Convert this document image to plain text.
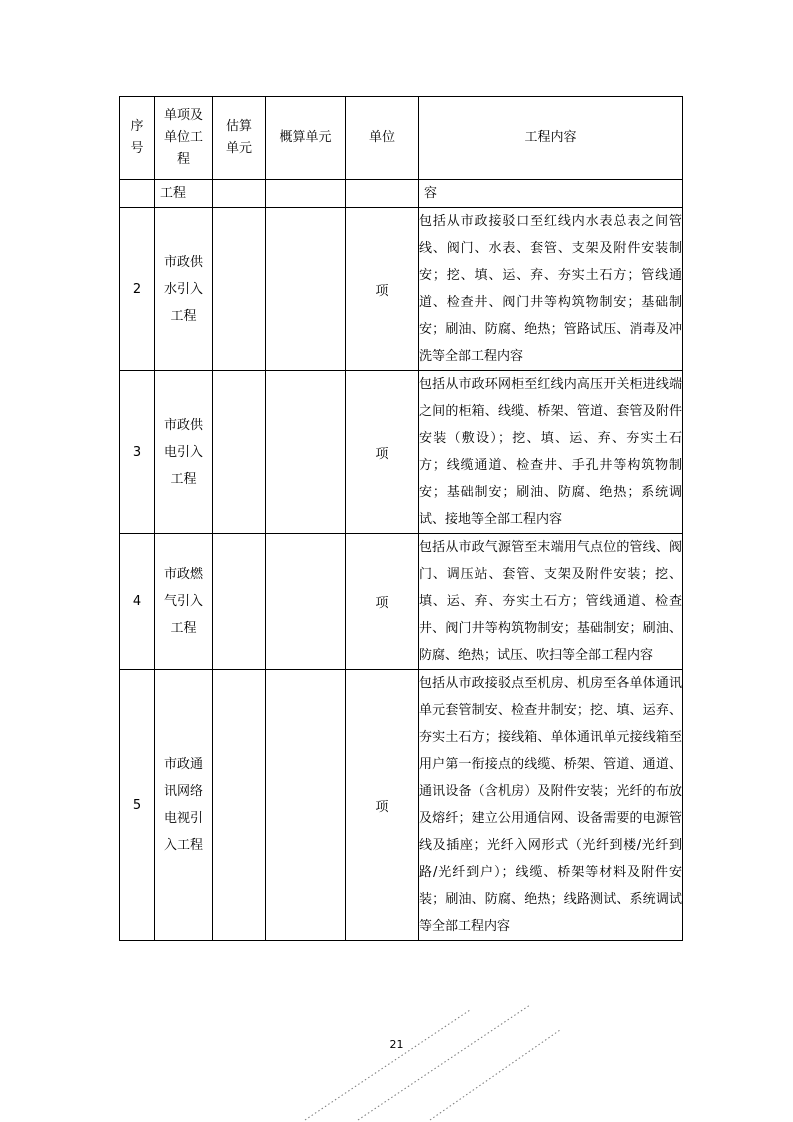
序号	单项及单位工程	估算单元	概算单元	单位	工程内容
	工程				容
2	市政供水引入工程			项	包括从市政接驳口至红线内水表总表之间管线、阀门、水表、套管、支架及附件安装制安；挖、填、运、弃、夯实土石方；管线通道、检查井、阀门井等构筑物制安；基础制安；刷油、防腐、绝热；管路试压、消毒及冲洗等全部工程内容
3	市政供电引入工程			项	包括从市政环网柜至红线内高压开关柜进线端之间的柜箱、线缆、桥架、管道、套管及附件安装（敷设）；挖、填、运、弃、夯实土石方；线缆通道、检查井、手孔井等构筑物制安；基础制安；刷油、防腐、绝热；系统调试、接地等全部工程内容
4	市政燃气引入工程			项	包括从市政气源管至末端用气点位的管线、阀门、调压站、套管、支架及附件安装；挖、填、运、弃、夯实土石方；管线通道、检查井、阀门井等构筑物制安；基础制安；刷油、防腐、绝热；试压、吹扫等全部工程内容
5	市政通讯网络电视引入工程			项	包括从市政接驳点至机房、机房至各单体通讯单元套管制安、检查井制安；挖、填、运弃、夯实土石方；接线箱、单体通讯单元接线箱至用户第一衔接点的线缆、桥架、管道、通道、通讯设备（含机房）及附件安装；光纤的布放及熔纤；建立公用通信网、设备需要的电源管线及插座；光纤入网形式（光纤到楼/光纤到路/光纤到户）；线缆、桥架等材料及附件安装；刷油、防腐、绝热；线路测试、系统调试等全部工程内容
21
